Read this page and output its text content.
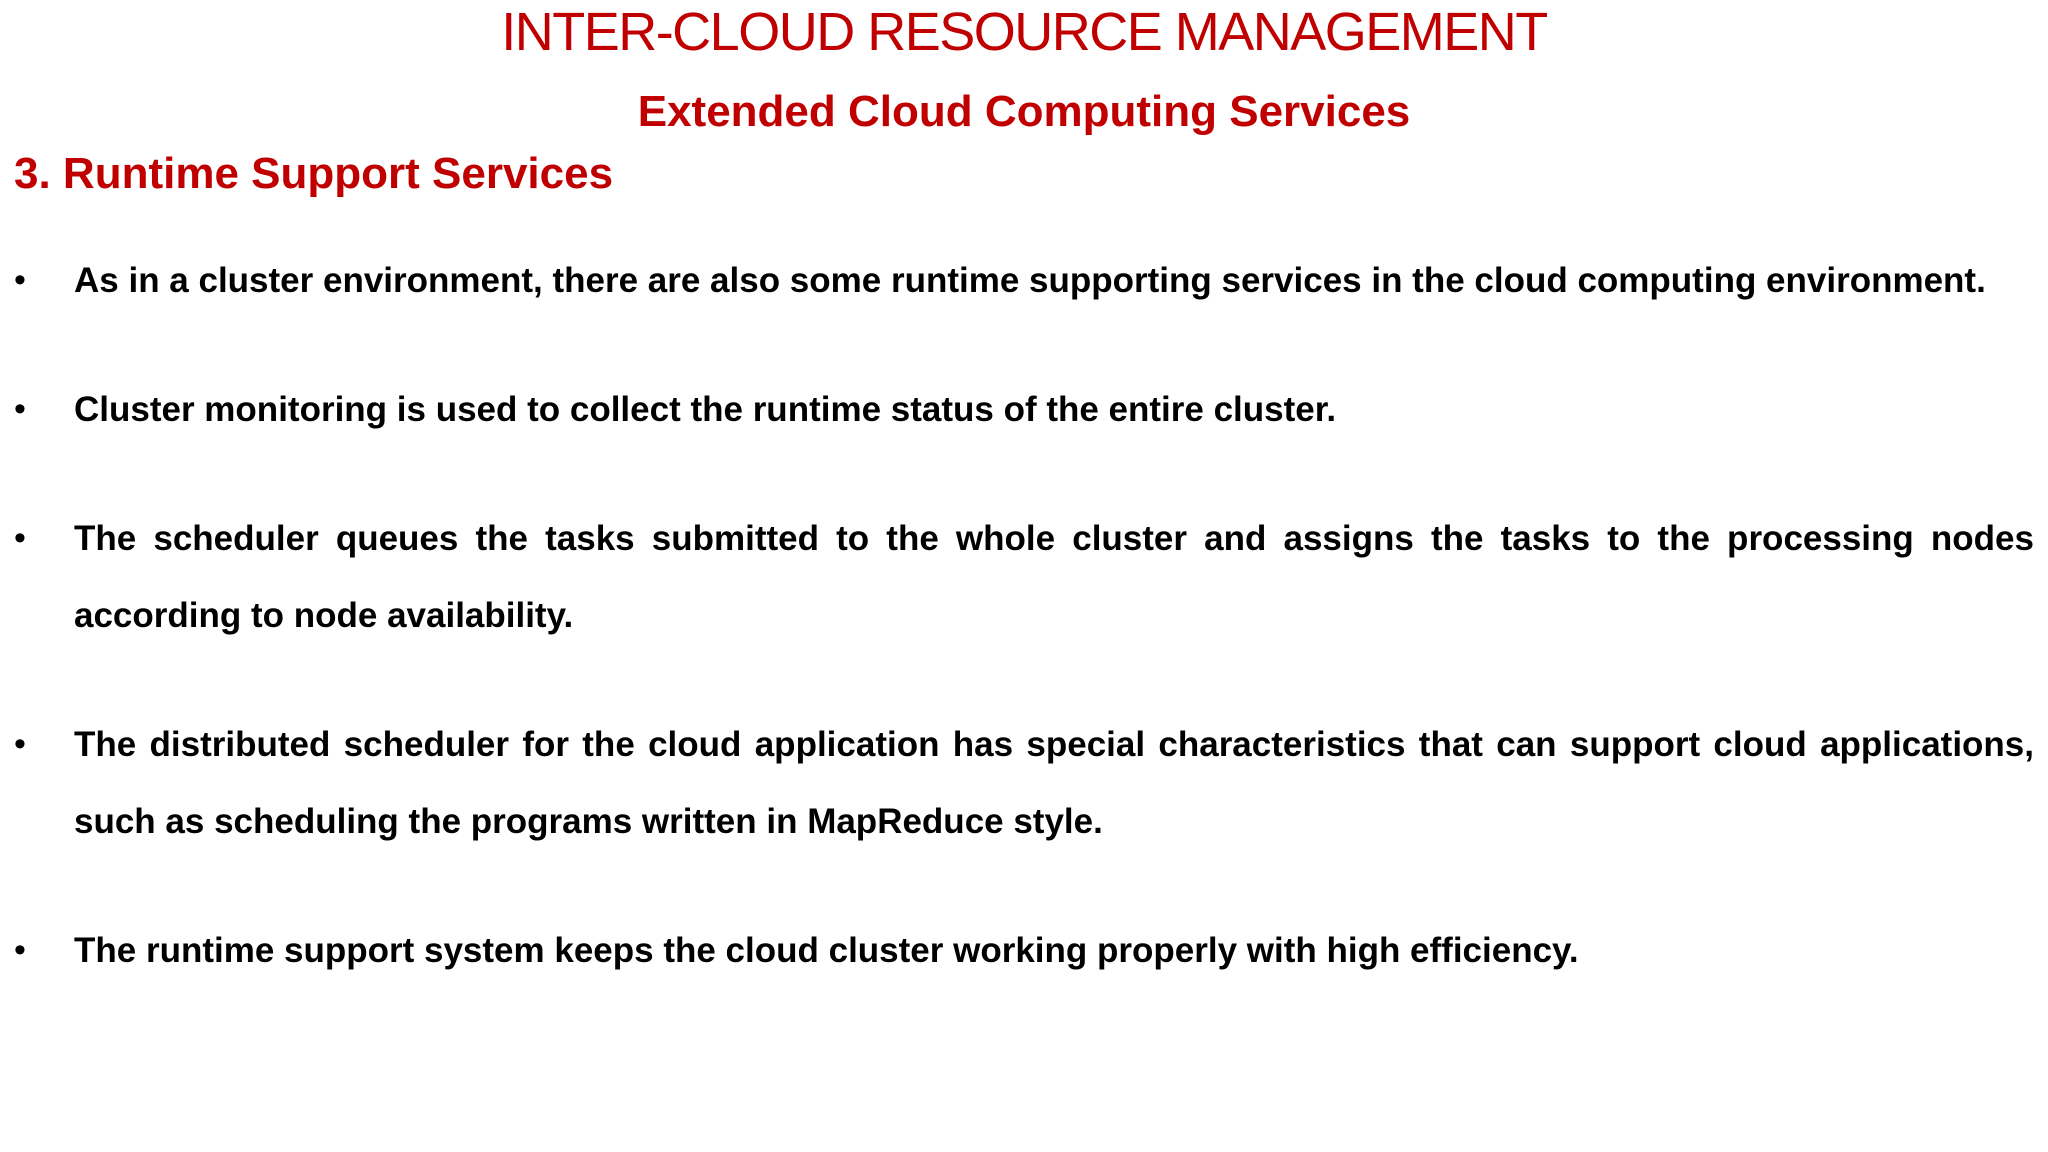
INTER-CLOUD RESOURCE MANAGEMENT
Extended Cloud Computing Services
3. Runtime Support Services
• As in a cluster environment, there are also some runtime supporting services in the cloud computing environment.
• Cluster monitoring is used to collect the runtime status of the entire cluster.
• The scheduler queues the tasks submitted to the whole cluster and assigns the tasks to the processing nodes according to node availability.
• The distributed scheduler for the cloud application has special characteristics that can support cloud applications, such as scheduling the programs written in MapReduce style.
• The runtime support system keeps the cloud cluster working properly with high efficiency.
